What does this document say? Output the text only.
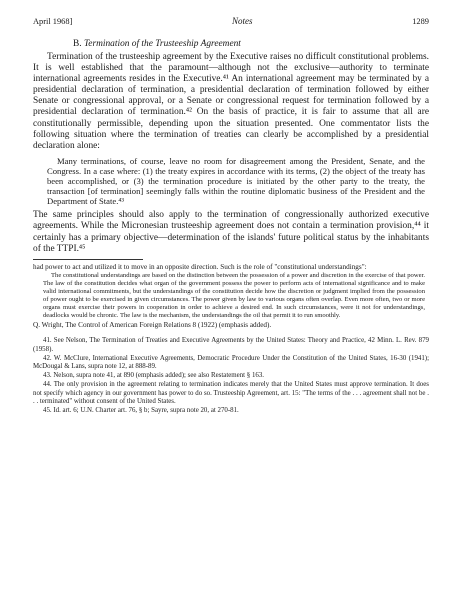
April 1968]	Notes	1289
B. Termination of the Trusteeship Agreement

Termination of the trusteeship agreement by the Executive raises no difficult constitutional problems. It is well established that the paramount—although not the exclusive—authority to terminate international agreements resides in the Executive.⁴¹ An international agreement may be terminated by a presidential declaration of termination, a presidential declaration of termination followed by either Senate or congressional approval, or a Senate or congressional request for termination followed by a presidential declaration of termination.⁴² On the basis of practice, it is fair to assume that all are constitutionally permissible, depending upon the situation presented. One commentator lists the following situation where the termination of treaties can clearly be accomplished by a presidential declaration alone:

Many terminations, of course, leave no room for disagreement among the President, Senate, and the Congress. In a case where: (1) the treaty expires in accordance with its terms, (2) the object of the treaty has been accomplished, or (3) the termination procedure is initiated by the other party to the treaty, the transaction [of termination] seemingly falls within the routine diplomatic business of the President and the Department of State.⁴³

The same principles should also apply to the termination of congressionally authorized executive agreements. While the Micronesian trusteeship agreement does not contain a termination provision,⁴⁴ it certainly has a primary objective—determination of the islands' future political status by the inhabitants of the TTPI.⁴⁵

had power to act and utilized it to move in an opposite direction. Such is the role of "constitutional understandings":
The constitutional understandings are based on the distinction between the possession of a power and discretion in the exercise of that power. The law of the constitution decides what organ of the government possess the power to perform acts of international significance and to make valid international commitments, but the understandings of the constitution decide how the discretion or judgment implied from the possession of power ought to be exercised in given circumstances. The power given by law to various organs often overlap. Even more often, two or more organs must exercise their powers in cooperation in order to achieve a desired end. In such circumstances, were it not for understandings, deadlocks would be chronic. The law is the mechanism, the understandings the oil that permit it to run smoothly.
Q. Wright, The Control of American Foreign Relations 8 (1922) (emphasis added).
41. See Nelson, The Termination of Treaties and Executive Agreements by the United States: Theory and Practice, 42 Minn. L. Rev. 879 (1958).
42. W. McClure, International Executive Agreements, Democratic Procedure Under the Constitution of the United States, 16-30 (1941); McDougal & Lans, supra note 12, at 888-89.
43. Nelson, supra note 41, at 890 (emphasis added); see also Restatement § 163.
44. The only provision in the agreement relating to termination indicates merely that the United States must approve termination. It does not specify which agency in our government has power to do so. Trusteeship Agreement, art. 15: "The terms of the . . . agreement shall not be . . . terminated" without consent of the United States.
45. Id. art. 6; U.N. Charter art. 76, § b; Sayre, supra note 20, at 270-81.
